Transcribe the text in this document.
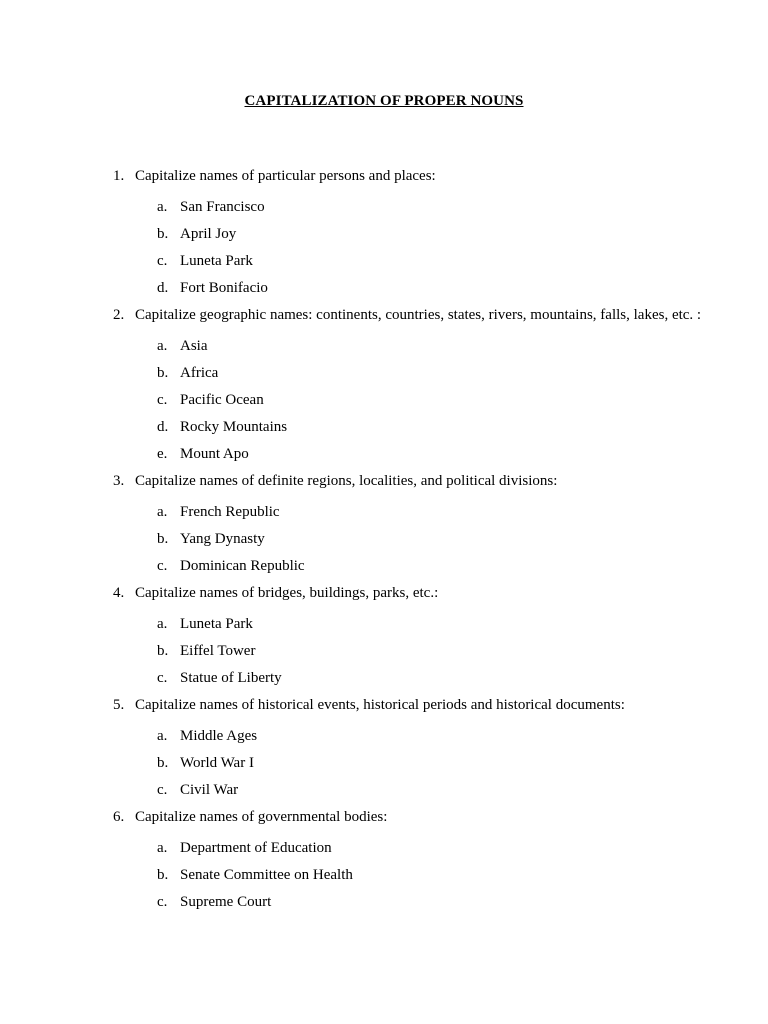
CAPITALIZATION OF PROPER NOUNS
1. Capitalize names of particular persons and places:
a. San Francisco
b. April Joy
c. Luneta Park
d. Fort Bonifacio
2. Capitalize geographic names: continents, countries, states, rivers, mountains, falls, lakes, etc. :
a. Asia
b. Africa
c. Pacific Ocean
d. Rocky Mountains
e. Mount Apo
3. Capitalize names of definite regions, localities, and political divisions:
a. French Republic
b. Yang Dynasty
c. Dominican Republic
4. Capitalize names of bridges, buildings, parks, etc.:
a. Luneta Park
b. Eiffel Tower
c. Statue of Liberty
5. Capitalize names of historical events, historical periods and historical documents:
a. Middle Ages
b. World War I
c. Civil War
6. Capitalize names of governmental bodies:
a. Department of Education
b. Senate Committee on Health
c. Supreme Court
